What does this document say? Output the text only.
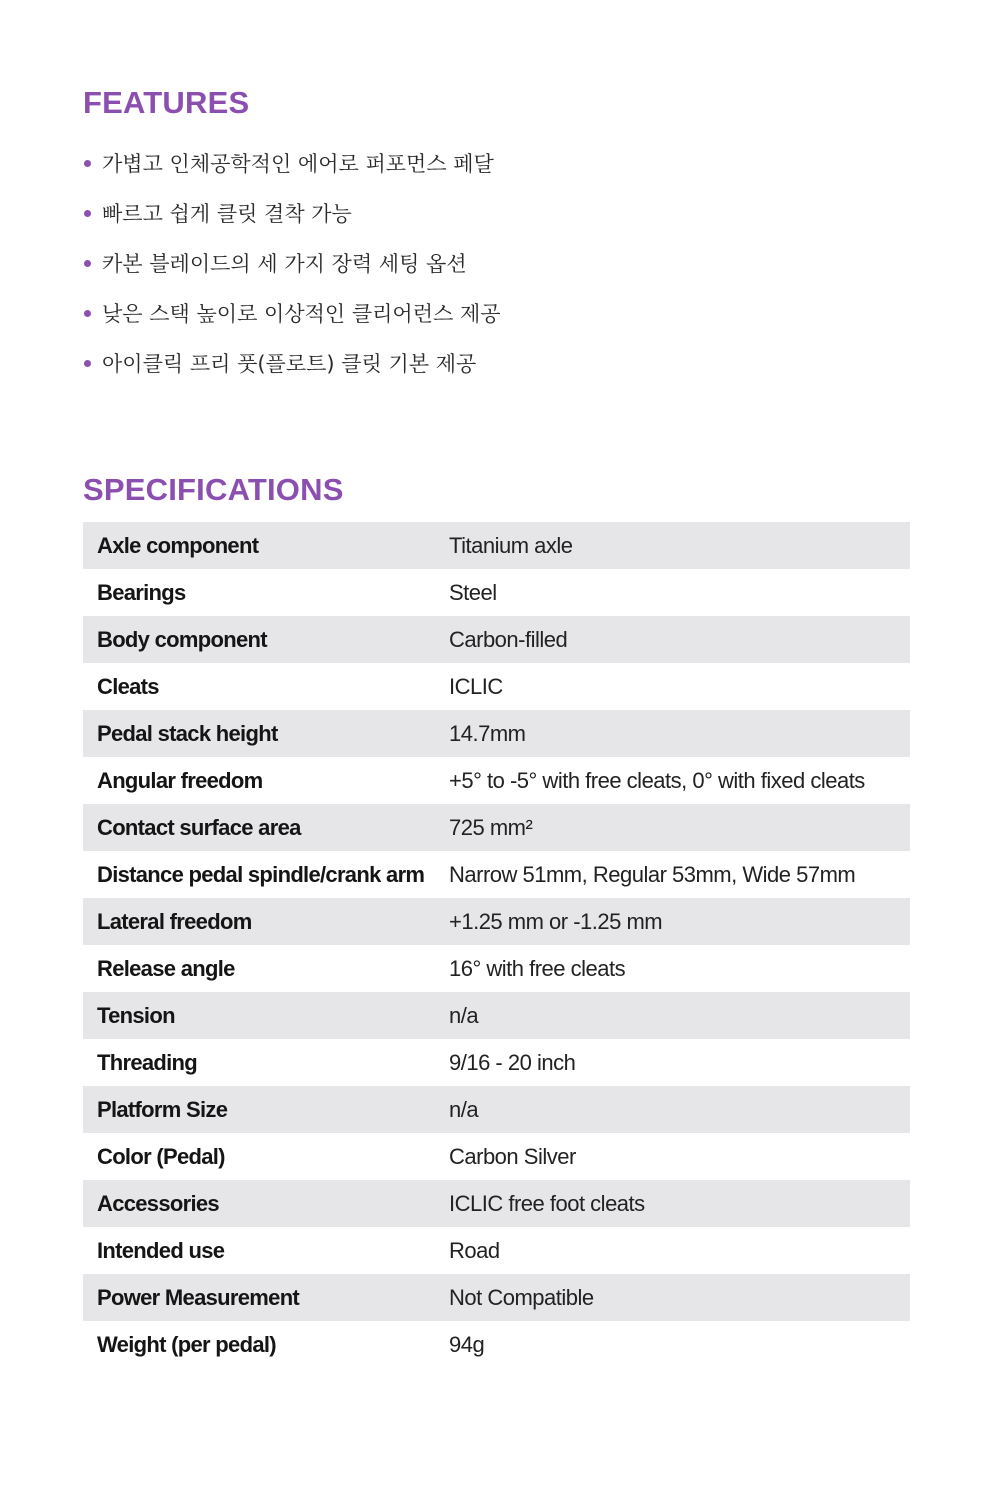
FEATURES
가볍고 인체공학적인 에어로 퍼포먼스 페달
빠르고 쉽게 클릿 결착 가능
카본 블레이드의 세 가지 장력 세팅 옵션
낮은 스택 높이로 이상적인 클리어런스 제공
아이클릭 프리 풋(플로트) 클릿 기본 제공
SPECIFICATIONS
Axle component	Titanium axle
Bearings	Steel
Body component	Carbon-filled
Cleats	ICLIC
Pedal stack height	14.7mm
Angular freedom	+5° to -5° with free cleats, 0° with fixed cleats
Contact surface area	725 mm²
Distance pedal spindle/crank arm	Narrow 51mm, Regular 53mm, Wide 57mm
Lateral freedom	+1.25 mm or -1.25 mm
Release angle	16° with free cleats
Tension	n/a
Threading	9/16 - 20 inch
Platform Size	n/a
Color (Pedal)	Carbon Silver
Accessories	ICLIC free foot cleats
Intended use	Road
Power Measurement	Not Compatible
Weight (per pedal)	94g
